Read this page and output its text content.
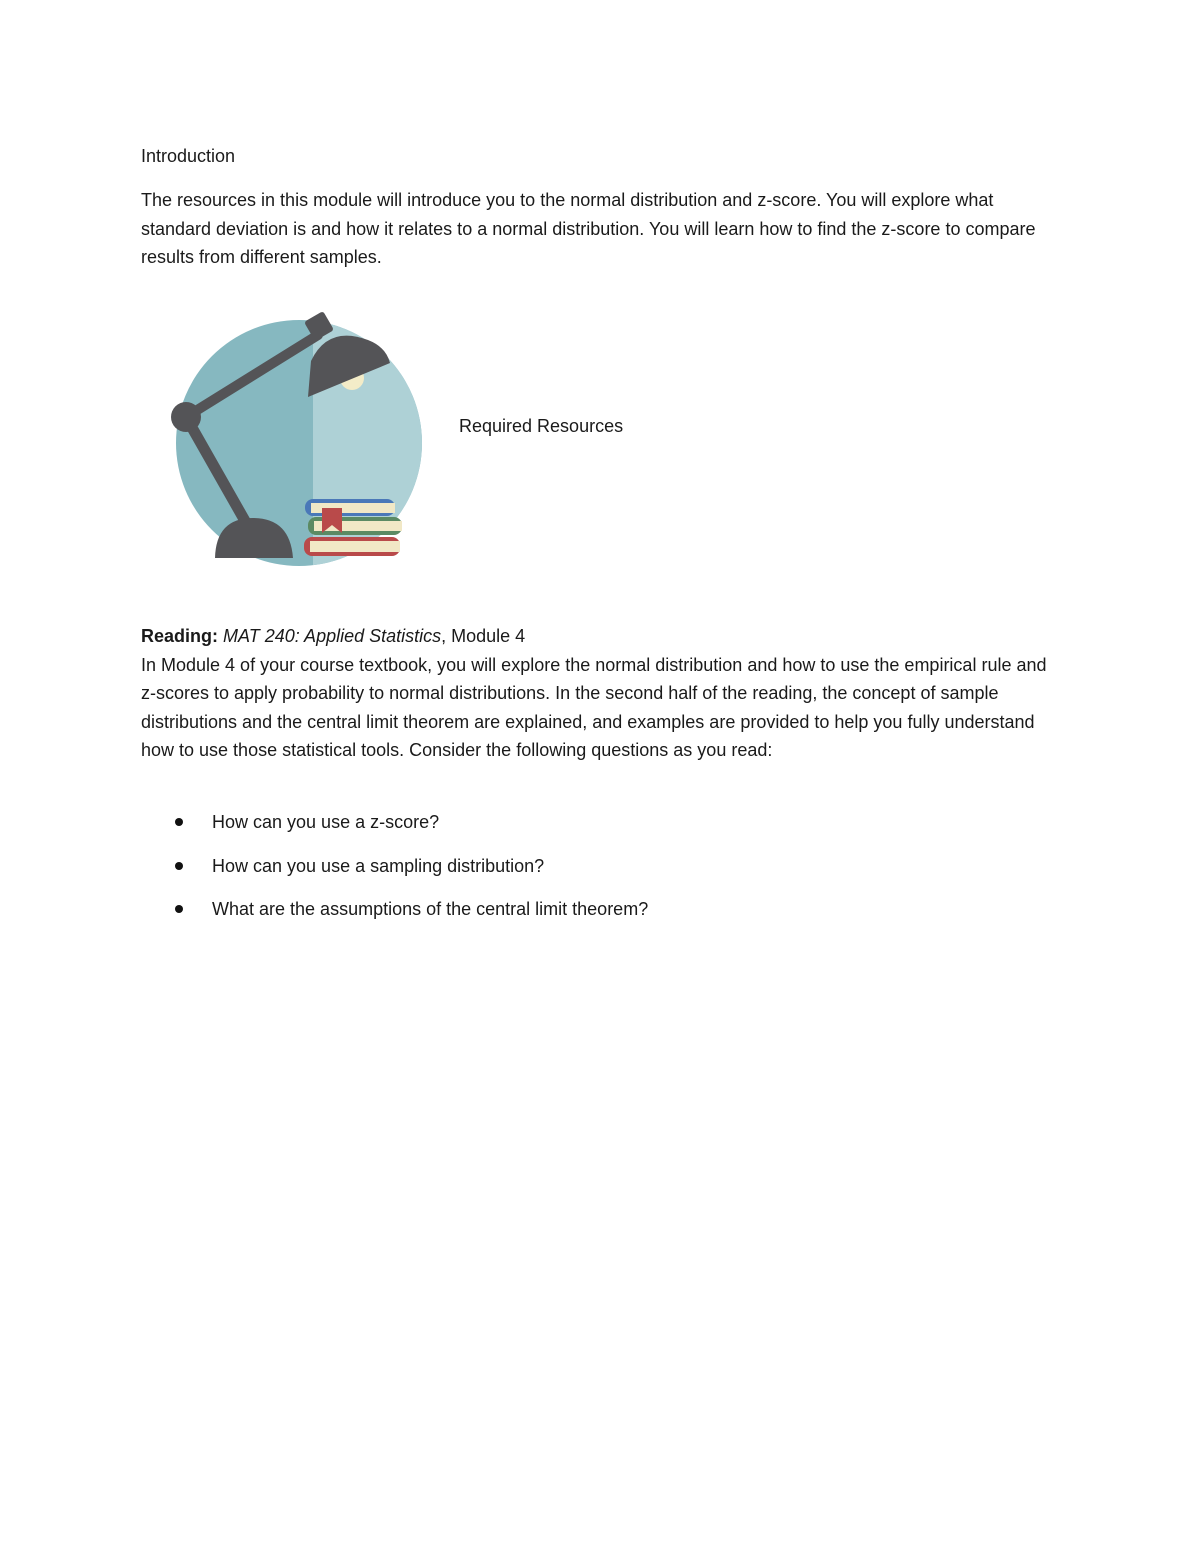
Introduction

The resources in this module will introduce you to the normal distribution and z-score. You will explore what standard deviation is and how it relates to a normal distribution. You will learn how to find the z-score to compare results from different samples.

Required Resources

Reading: MAT 240: Applied Statistics, Module 4

In Module 4 of your course textbook, you will explore the normal distribution and how to use the empirical rule and z-scores to apply probability to normal distributions. In the second half of the reading, the concept of sample distributions and the central limit theorem are explained, and examples are provided to help you fully understand how to use those statistical tools. Consider the following questions as you read:

How can you use a z-score?
How can you use a sampling distribution?
What are the assumptions of the central limit theorem?
